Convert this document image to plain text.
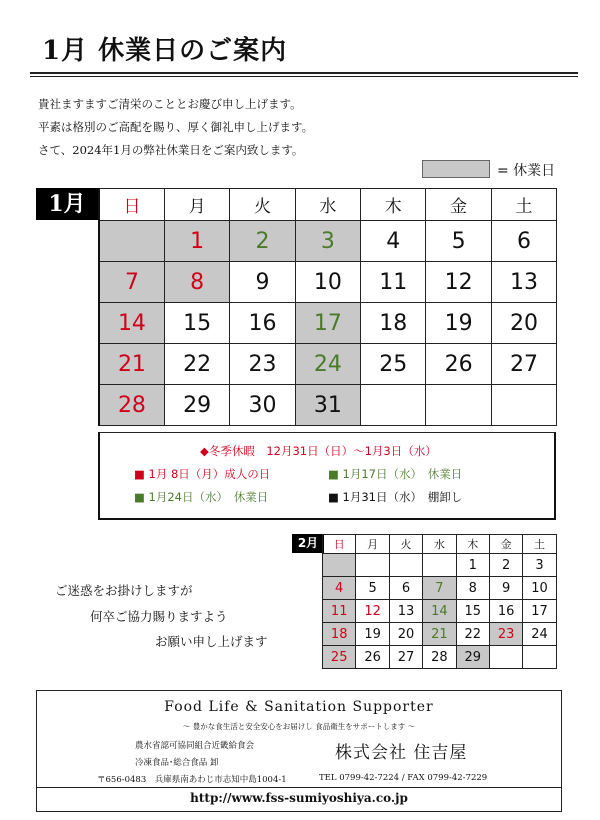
1月 休業日のご案内
貴社ますますご清栄のこととお慶び申し上げます。
平素は格別のご高配を賜り、厚く御礼申し上げます。
さて、2024年1月の弊社休業日をご案内致します。
= 休業日
1月	日	月	火	水	木	金	土
	1	2	3	4	5	6
7	8	9	10	11	12	13
14	15	16	17	18	19	20
21	22	23	24	25	26	27
28	29	30	31			
◆冬季休暇　12月31日（日）～1月3日（水）
■ 1月 8日（月）成人の日	■ 1月17日（水）　休業日
■ 1月24日（水）　休業日	■ 1月31日（水）　棚卸し
2月	日	月	火	水	木	金	土
				1	2	3
4	5	6	7	8	9	10
11	12	13	14	15	16	17
18	19	20	21	22	23	24
25	26	27	28	29		
ご迷惑をお掛けしますが
何卒ご協力賜りますよう
お願い申し上げます
Food Life & Sanitation Supporter
～ 豊かな食生活と安全安心をお届けし 食品衛生をサポートします ～
農水省認可協同組合近畿給食会
冷凍食品･総合食品 卸	株式会社 住吉屋
〒656-0483　兵庫県南あわじ市志知中島1004-1	TEL 0799-42-7224 / FAX 0799-42-7229
http://www.fss-sumiyoshiya.co.jp
